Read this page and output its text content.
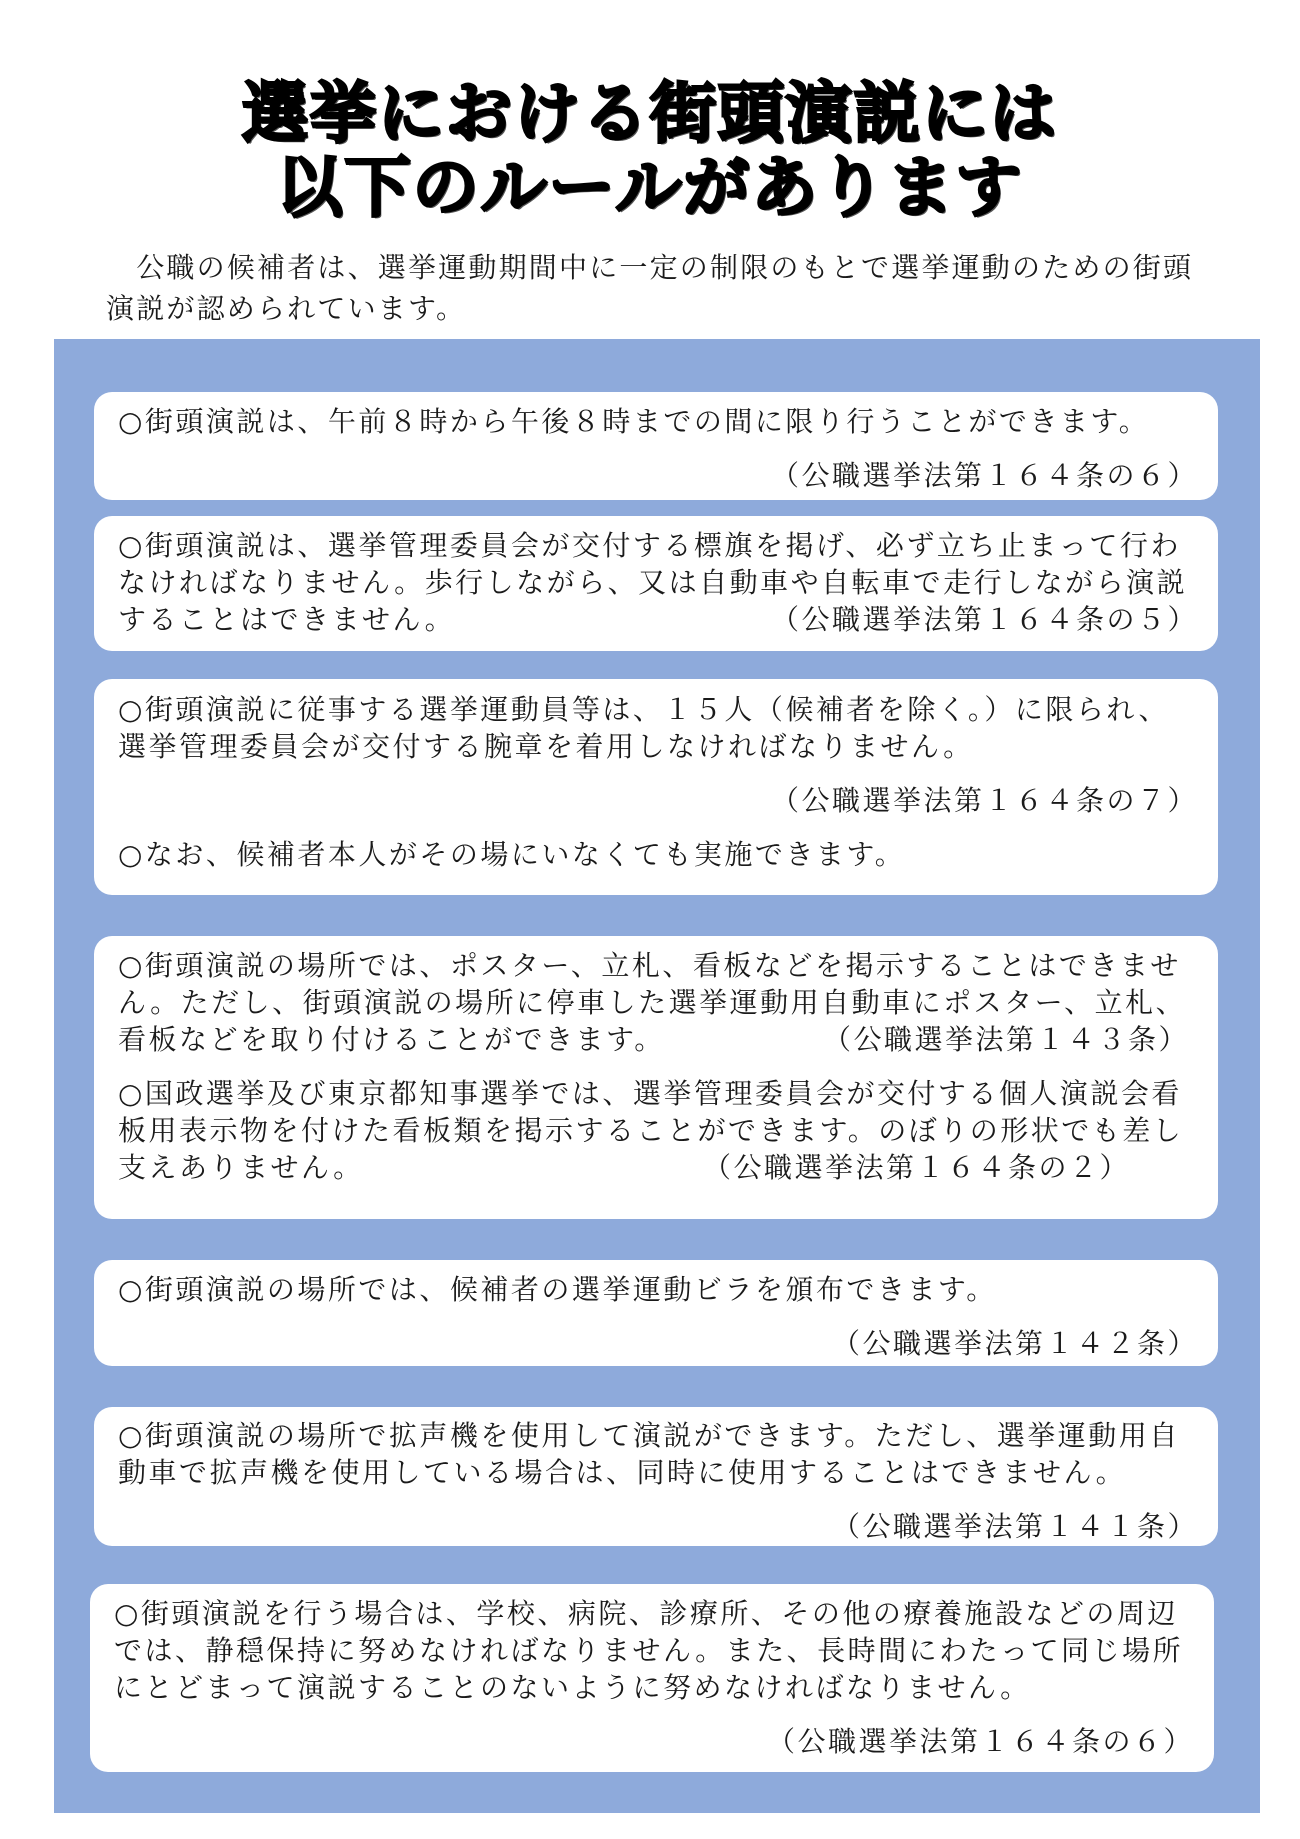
選挙における街頭演説には
以下のルールがあります
　公職の候補者は、選挙運動期間中に一定の制限のもとで選挙運動のための街頭
演説が認められています。
○街頭演説は、午前８時から午後８時までの間に限り行うことができます。
（公職選挙法第１６４条の６）
○街頭演説は、選挙管理委員会が交付する標旗を掲げ、必ず立ち止まって行わ
なければなりません。歩行しながら、又は自動車や自転車で走行しながら演説
することはできません。	（公職選挙法第１６４条の５）
○街頭演説に従事する選挙運動員等は、１５人（候補者を除く。）に限られ、
選挙管理委員会が交付する腕章を着用しなければなりません。
（公職選挙法第１６４条の７）
○なお、候補者本人がその場にいなくても実施できます。
○街頭演説の場所では、ポスター、立札、看板などを掲示することはできませ
ん。ただし、街頭演説の場所に停車した選挙運動用自動車にポスター、立札、
看板などを取り付けることができます。	（公職選挙法第１４３条）
○国政選挙及び東京都知事選挙では、選挙管理委員会が交付する個人演説会看
板用表示物を付けた看板類を掲示することができます。のぼりの形状でも差し
支えありません。	（公職選挙法第１６４条の２）
○街頭演説の場所では、候補者の選挙運動ビラを頒布できます。
（公職選挙法第１４２条）
○街頭演説の場所で拡声機を使用して演説ができます。ただし、選挙運動用自
動車で拡声機を使用している場合は、同時に使用することはできません。
（公職選挙法第１４１条）
○街頭演説を行う場合は、学校、病院、診療所、その他の療養施設などの周辺
では、静穏保持に努めなければなりません。また、長時間にわたって同じ場所
にとどまって演説することのないように努めなければなりません。
（公職選挙法第１６４条の６）
